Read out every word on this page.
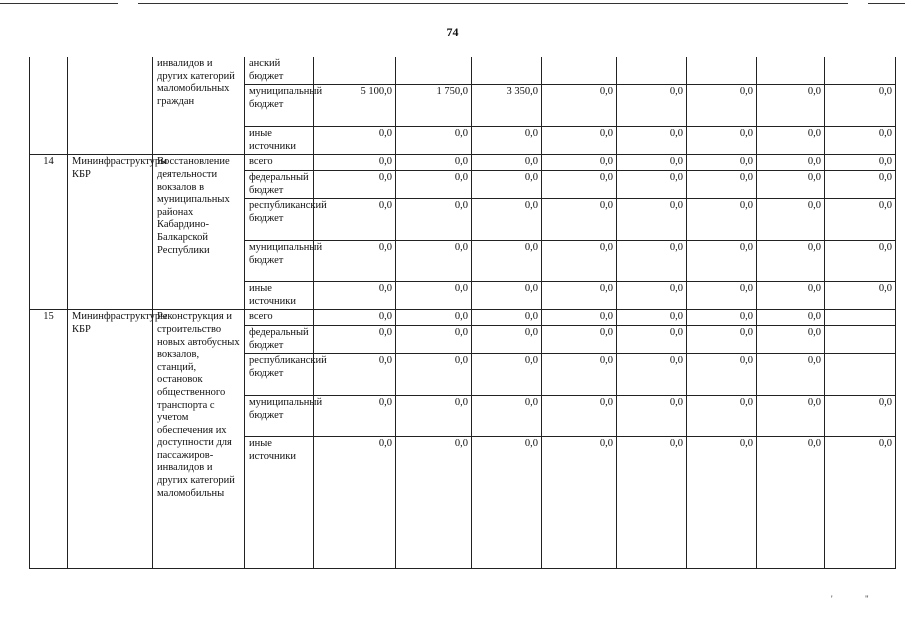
74
		инвалидов и других категорий маломобильных граждан	анский бюджет								
			муниципальный бюджет	5 100,0	1 750,0	3 350,0	0,0	0,0	0,0	0,0	0,0
			иные источники	0,0	0,0	0,0	0,0	0,0	0,0	0,0	0,0
14	Мининфраструктуры КБР	Восстановление деятельности вокзалов в муниципальных районах Кабардино-Балкарской Республики	всего	0,0	0,0	0,0	0,0	0,0	0,0	0,0	0,0
			федеральный бюджет	0,0	0,0	0,0	0,0	0,0	0,0	0,0	0,0
			республиканский бюджет	0,0	0,0	0,0	0,0	0,0	0,0	0,0	0,0
			муниципальный бюджет	0,0	0,0	0,0	0,0	0,0	0,0	0,0	0,0
			иные источники	0,0	0,0	0,0	0,0	0,0	0,0	0,0	0,0
15	Мининфраструктуры КБР	Реконструкция и строительство новых автобусных вокзалов, станций, остановок общественного транспорта с учетом обеспечения их доступности для пассажиров-инвалидов и других категорий маломобильны	всего	0,0	0,0	0,0	0,0	0,0	0,0	0,0	
			федеральный бюджет	0,0	0,0	0,0	0,0	0,0	0,0	0,0	
			республиканский бюджет	0,0	0,0	0,0	0,0	0,0	0,0	0,0	
			муниципальный бюджет	0,0	0,0	0,0	0,0	0,0	0,0	0,0	0,0
			иные источники	0,0	0,0	0,0	0,0	0,0	0,0	0,0	0,0
'	"
